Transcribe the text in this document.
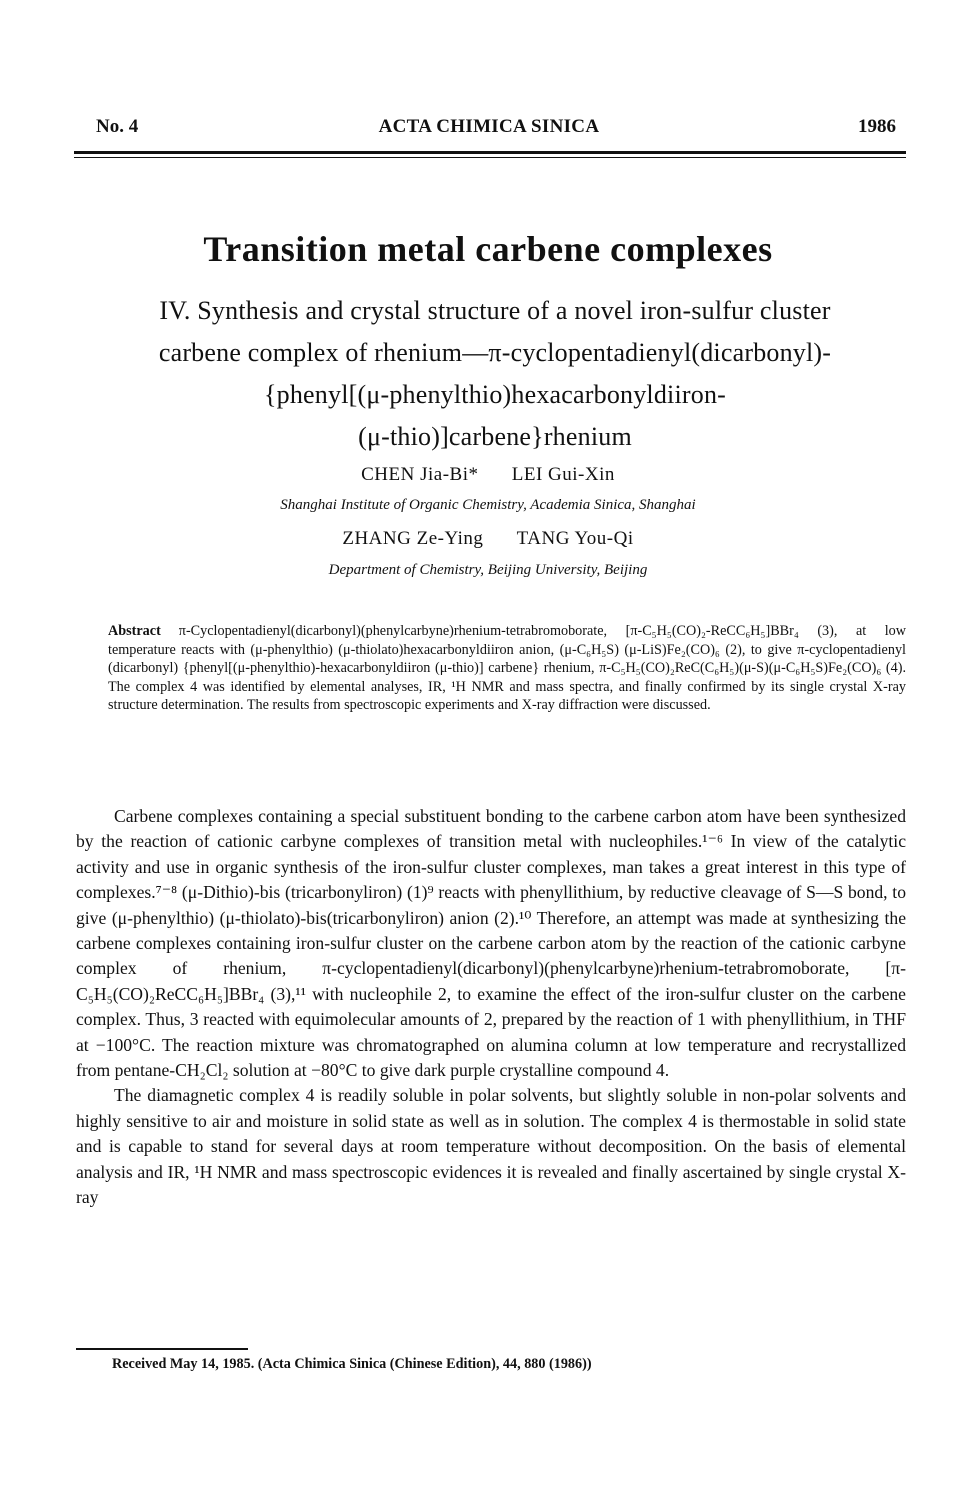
No. 4	ACTA CHIMICA SINICA	1986
Transition metal carbene complexes
IV. Synthesis and crystal structure of a novel iron-sulfur cluster
carbene complex of rhenium—π-cyclopentadienyl(dicarbonyl)-
{phenyl[(μ-phenylthio)hexacarbonyldiiron-
(μ-thio)]carbene}rhenium
CHEN Jia-Bi* LEI Gui-Xin
Shanghai Institute of Organic Chemistry, Academia Sinica, Shanghai
ZHANG Ze-Ying TANG You-Qi
Department of Chemistry, Beijing University, Beijing
Abstract π-Cyclopentadienyl(dicarbonyl)(phenylcarbyne)rhenium-tetrabromoborate, [π-C₅H₅(CO)₂-ReCC₆H₅]BBr₄ (3), at low temperature reacts with (μ-phenylthio) (μ-thiolato)hexacarbonyldiiron anion, (μ-C₆H₅S) (μ-LiS)Fe₂(CO)₆ (2), to give π-cyclopentadienyl (dicarbonyl) {phenyl[(μ-phenylthio)-hexacarbonyldiiron (μ-thio)] carbene} rhenium, π-C₅H₅(CO)₂ReC(C₆H₅)(μ-S)(μ-C₆H₅S)Fe₂(CO)₆ (4). The complex 4 was identified by elemental analyses, IR, ¹H NMR and mass spectra, and finally confirmed by its single crystal X-ray structure determination. The results from spectroscopic experiments and X-ray diffraction were discussed.

Carbene complexes containing a special substituent bonding to the carbene carbon atom have been synthesized by the reaction of cationic carbyne complexes of transition metal with nucleophiles.¹⁻⁶ In view of the catalytic activity and use in organic synthesis of the iron-sulfur cluster complexes, man takes a great interest in this type of complexes.⁷⁻⁸ (μ-Dithio)-bis (tricarbonyliron) (1)⁹ reacts with phenyllithium, by reductive cleavage of S—S bond, to give (μ-phenylthio) (μ-thiolato)-bis(tricarbonyliron) anion (2).¹⁰ Therefore, an attempt was made at synthesizing the carbene complexes containing iron-sulfur cluster on the carbene carbon atom by the reaction of the cationic carbyne complex of rhenium, π-cyclopentadienyl(dicarbonyl)(phenylcarbyne)rhenium-tetrabromoborate, [π-C₅H₅(CO)₂ReCC₆H₅]BBr₄ (3),¹¹ with nucleophile 2, to examine the effect of the iron-sulfur cluster on the carbene complex. Thus, 3 reacted with equimolecular amounts of 2, prepared by the reaction of 1 with phenyllithium, in THF at −100°C. The reaction mixture was chromatographed on alumina column at low temperature and recrystallized from pentane-CH₂Cl₂ solution at −80°C to give dark purple crystalline compound 4.

The diamagnetic complex 4 is readily soluble in polar solvents, but slightly soluble in non-polar solvents and highly sensitive to air and moisture in solid state as well as in solution. The complex 4 is thermostable in solid state and is capable to stand for several days at room temperature without decomposition. On the basis of elemental analysis and IR, ¹H NMR and mass spectroscopic evidences it is revealed and finally ascertained by single crystal X-ray

Received May 14, 1985. (Acta Chimica Sinica (Chinese Edition), 44, 880 (1986))
